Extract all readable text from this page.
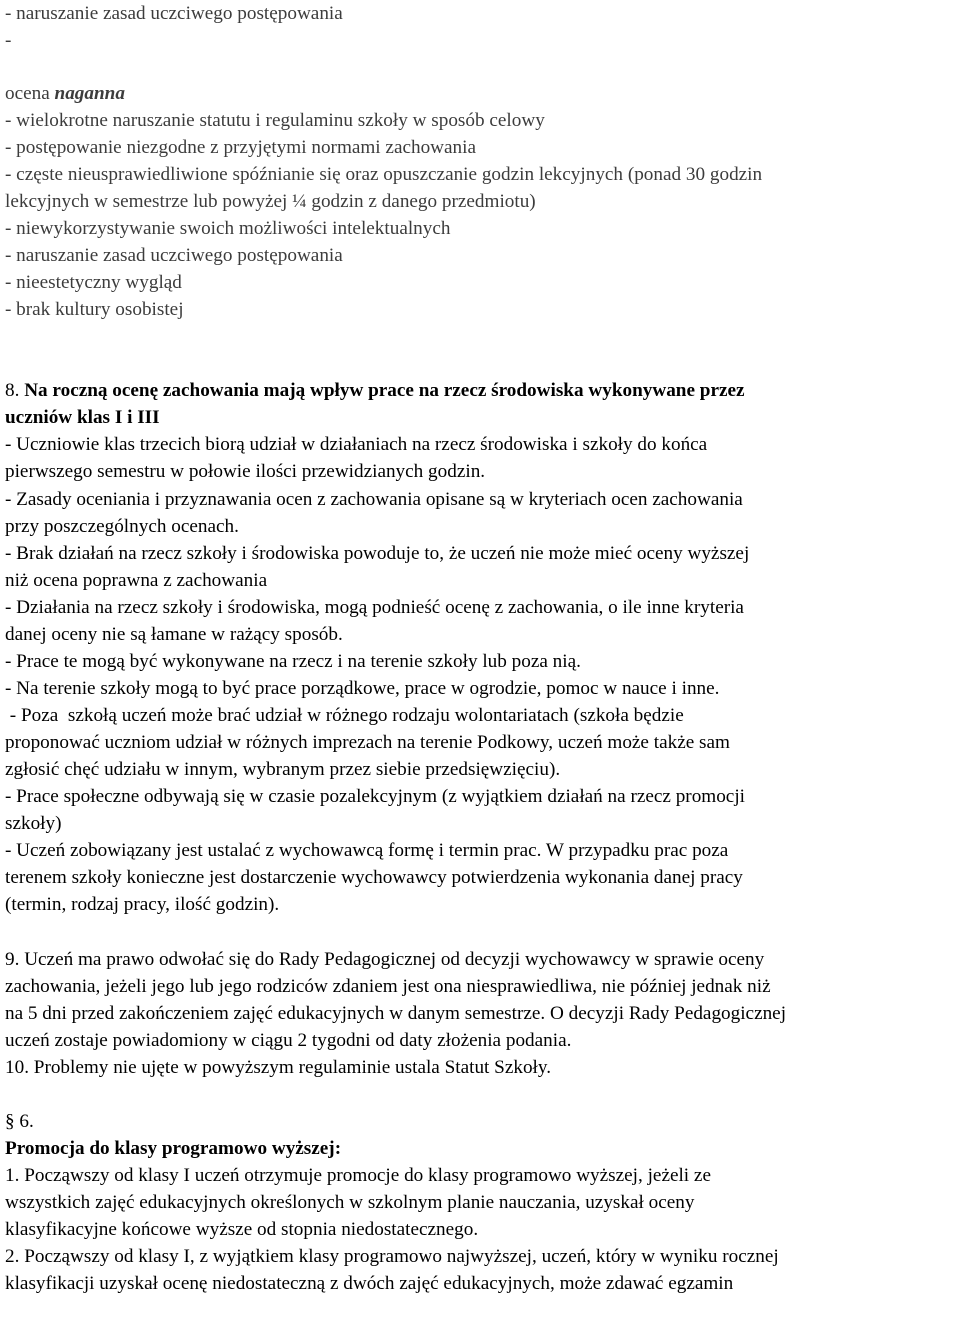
- naruszanie zasad uczciwego postępowania
-
ocena naganna
- wielokrotne naruszanie statutu i regulaminu szkoły w sposób celowy
- postępowanie niezgodne z przyjętymi normami zachowania
- częste nieusprawiedliwione spóźnianie się oraz opuszczanie godzin lekcyjnych (ponad 30 godzin
lekcyjnych w semestrze lub powyżej ¼ godzin z danego przedmiotu)
- niewykorzystywanie swoich możliwości intelektualnych
- naruszanie zasad uczciwego postępowania
- nieestetyczny wygląd
- brak kultury osobistej
8. Na roczną ocenę zachowania mają wpływ prace na rzecz środowiska wykonywane przez
uczniów klas I i III
- Uczniowie klas trzecich biorą udział w działaniach na rzecz środowiska i szkoły do końca
pierwszego semestru w połowie ilości przewidzianych godzin.
- Zasady oceniania i przyznawania ocen z zachowania opisane są w kryteriach ocen zachowania
przy poszczególnych ocenach.
- Brak działań na rzecz szkoły i środowiska powoduje to, że uczeń nie może mieć oceny wyższej
niż ocena poprawna z zachowania
- Działania na rzecz szkoły i środowiska, mogą podnieść ocenę z zachowania, o ile inne kryteria
danej oceny nie są łamane w rażący sposób.
- Prace te mogą być wykonywane na rzecz i na terenie szkoły lub poza nią.
- Na terenie szkoły mogą to być prace porządkowe, prace w ogrodzie, pomoc w nauce i inne.
- Poza  szkołą uczeń może brać udział w różnego rodzaju wolontariatach (szkoła będzie
proponować uczniom udział w różnych imprezach na terenie Podkowy, uczeń może także sam
zgłosić chęć udziału w innym, wybranym przez siebie przedsięwzięciu).
- Prace społeczne odbywają się w czasie pozalekcyjnym (z wyjątkiem działań na rzecz promocji
szkoły)
- Uczeń zobowiązany jest ustalać z wychowawcą formę i termin prac. W przypadku prac poza
terenem szkoły konieczne jest dostarczenie wychowawcy potwierdzenia wykonania danej pracy
(termin, rodzaj pracy, ilość godzin).
9. Uczeń ma prawo odwołać się do Rady Pedagogicznej od decyzji wychowawcy w sprawie oceny
zachowania, jeżeli jego lub jego rodziców zdaniem jest ona niesprawiedliwa, nie później jednak niż
na 5 dni przed zakończeniem zajęć edukacyjnych w danym semestrze. O decyzji Rady Pedagogicznej
uczeń zostaje powiadomiony w ciągu 2 tygodni od daty złożenia podania.
10. Problemy nie ujęte w powyższym regulaminie ustala Statut Szkoły.
§ 6.
Promocja do klasy programowo wyższej:
1. Począwszy od klasy I uczeń otrzymuje promocje do klasy programowo wyższej, jeżeli ze
wszystkich zajęć edukacyjnych określonych w szkolnym planie nauczania, uzyskał oceny
klasyfikacyjne końcowe wyższe od stopnia niedostatecznego.
2. Począwszy od klasy I, z wyjątkiem klasy programowo najwyższej, uczeń, który w wyniku rocznej
klasyfikacji uzyskał ocenę niedostateczną z dwóch zajęć edukacyjnych, może zdawać egzamin
